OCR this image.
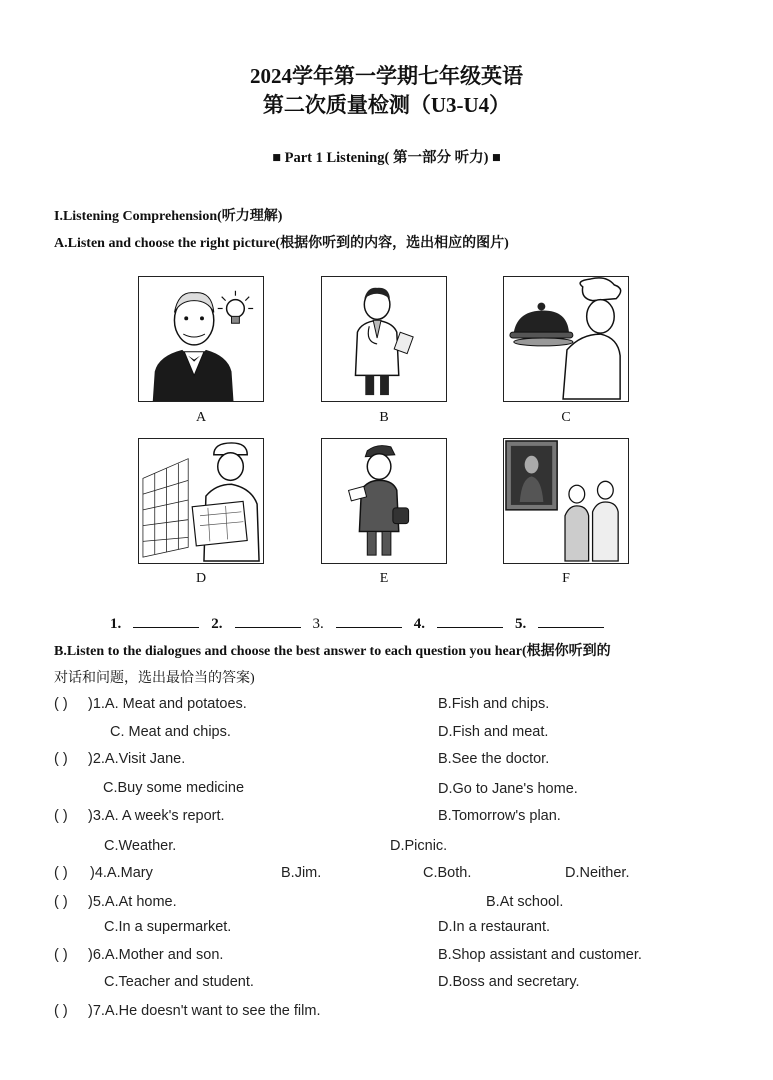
2024学年第一学期七年级英语
第二次质量检测（U3-U4）
■ Part 1 Listening( 第一部分 听力) ■
I.Listening Comprehension(听力理解)
A.Listen and choose the right picture(根据你听到的内容，选出相应的图片)
A	B	C
D	E	F
1.	2.	3.	4.	5.
B.Listen to the dialogues and choose the best answer to each question you hear(根据你听到的
对话和问题，选出最恰当的答案)
( ) )1.A. Meat and potatoes.	B.Fish and chips.
C. Meat and chips.	D.Fish and meat.
( ) )2.A.Visit Jane.	B.See the doctor.
C.Buy some medicine	D.Go to Jane's home.
( ) )3.A. A week's report.	B.Tomorrow's plan.
C.Weather.	D.Picnic.
( ) )4.A.Mary	B.Jim.	C.Both.	D.Neither.
( ) )5.A.At home.	B.At school.
C.In a supermarket.	D.In a restaurant.
( ) )6.A.Mother and son.	B.Shop assistant and customer.
C.Teacher and student.	D.Boss and secretary.
( ) )7.A.He doesn't want to see the film.
